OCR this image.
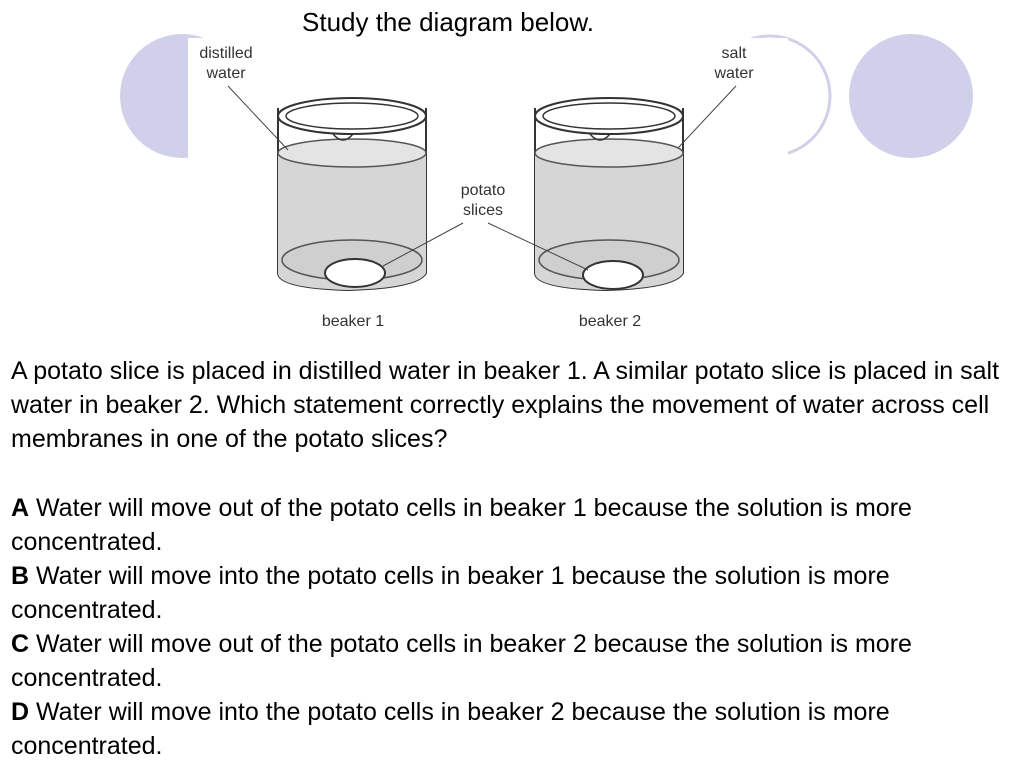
distilled
water
salt
water
potato
slices
beaker 1	beaker 2
Study the diagram below.

A potato slice is placed in distilled water in beaker 1. A similar potato slice is placed in salt water in beaker 2. Which statement correctly explains the movement of water across cell membranes in one of the potato slices?

A Water will move out of the potato cells in beaker 1 because the solution is more concentrated.

B Water will move into the potato cells in beaker 1 because the solution is more concentrated.

C Water will move out of the potato cells in beaker 2 because the solution is more concentrated.

D Water will move into the potato cells in beaker 2 because the solution is more concentrated.
